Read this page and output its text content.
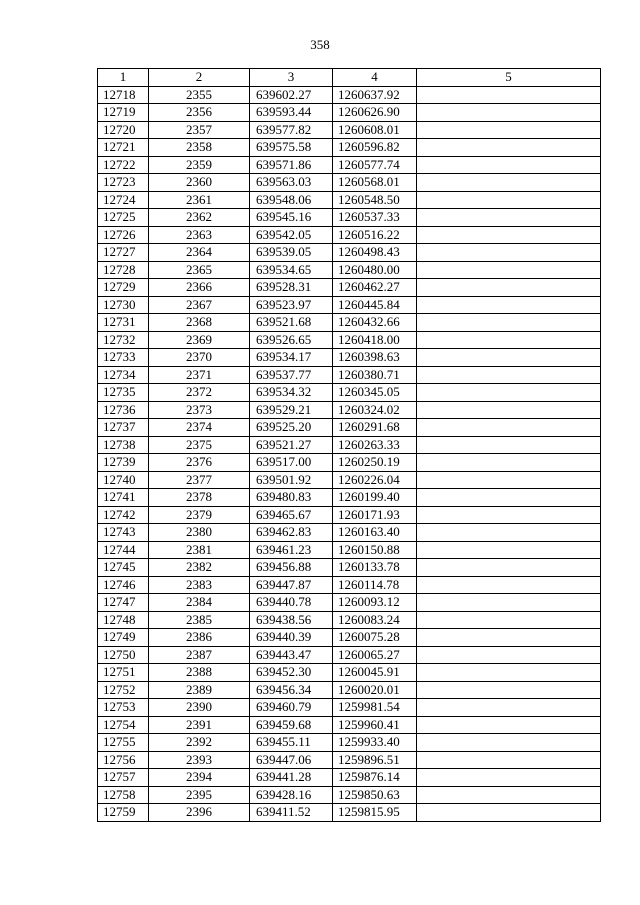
358
1	2	3	4	5
12718	2355	639602.27	1260637.92	
12719	2356	639593.44	1260626.90	
12720	2357	639577.82	1260608.01	
12721	2358	639575.58	1260596.82	
12722	2359	639571.86	1260577.74	
12723	2360	639563.03	1260568.01	
12724	2361	639548.06	1260548.50	
12725	2362	639545.16	1260537.33	
12726	2363	639542.05	1260516.22	
12727	2364	639539.05	1260498.43	
12728	2365	639534.65	1260480.00	
12729	2366	639528.31	1260462.27	
12730	2367	639523.97	1260445.84	
12731	2368	639521.68	1260432.66	
12732	2369	639526.65	1260418.00	
12733	2370	639534.17	1260398.63	
12734	2371	639537.77	1260380.71	
12735	2372	639534.32	1260345.05	
12736	2373	639529.21	1260324.02	
12737	2374	639525.20	1260291.68	
12738	2375	639521.27	1260263.33	
12739	2376	639517.00	1260250.19	
12740	2377	639501.92	1260226.04	
12741	2378	639480.83	1260199.40	
12742	2379	639465.67	1260171.93	
12743	2380	639462.83	1260163.40	
12744	2381	639461.23	1260150.88	
12745	2382	639456.88	1260133.78	
12746	2383	639447.87	1260114.78	
12747	2384	639440.78	1260093.12	
12748	2385	639438.56	1260083.24	
12749	2386	639440.39	1260075.28	
12750	2387	639443.47	1260065.27	
12751	2388	639452.30	1260045.91	
12752	2389	639456.34	1260020.01	
12753	2390	639460.79	1259981.54	
12754	2391	639459.68	1259960.41	
12755	2392	639455.11	1259933.40	
12756	2393	639447.06	1259896.51	
12757	2394	639441.28	1259876.14	
12758	2395	639428.16	1259850.63	
12759	2396	639411.52	1259815.95	
